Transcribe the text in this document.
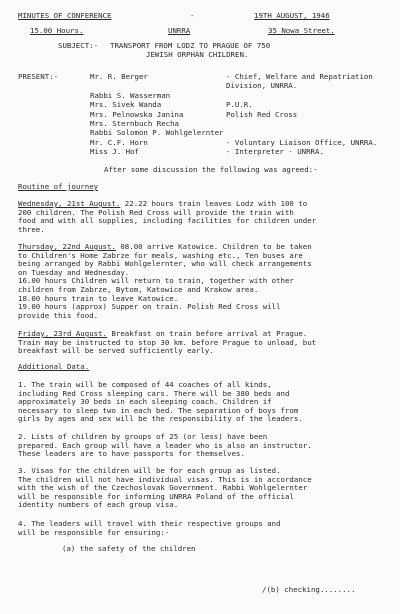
MINUTES OF CONFERENCE	-	19TH AUGUST, 1946
15.00 Hours.	UNRRA	35 Nowa Street.
SUBJECT:- TRANSPORT FROM LODZ TO PRAGUE OF 750
JEWISH ORPHAN CHILDREN.
PRESENT:-	Mr. R. Berger	- Chief, Welfare and Repatriation
Division, UNRRA.
Rabbi S. Wasserman
Mrs. Sivek Wanda	P.U.R.
Mrs. Pelnowska Janina	Polish Red Cross
Mrs. Sternbuch Recha
Rabbi Solomon P. Wohlgelernter
Mr. C.F. Horn	- Voluntary Liaison Office, UNRRA.
Miss J. Hof	- Interpreter - UNRRA.
After some discussion the following was agreed:-
Routine of journey
Wednesday, 21st August. 22.22 hours train leaves Lodz with 100 to
200 children. The Polish Red Cross will provide the train with
food and with all supplies, including facilities for children under
three.
Thursday, 22nd August. 08.00 arrive Katowice. Children to be taken
to Children's Home Zabrze for meals, washing etc., Ten buses are
being arranged by Rabbi Wohlgelernter, who will check arrangements
on Tuesday and Wednesday.
16.00 hours Children will return to train, together with other
children from Zabrze, Bytom, Katowice and Krakow area.
18.00 hours train to leave Katowice.
19.00 hours (approx) Supper on train. Polish Red Cross will
provide this food.
Friday, 23rd August. Breakfast on train before arrival at Prague.
Train may be instructed to stop 30 km. before Prague to unload, but
breakfast will be served sufficiently early.
Additional Data.
1. The train will be composed of 44 coaches of all kinds,
including Red Cross sleeping cars. There will be 380 beds and
approximately 30 beds in each sleeping coach. Children if
necessary to sleep two in each bed. The separation of boys from
girls by ages and sex will be the responsibility of the leaders.
2. Lists of children by groups of 25 (or less) have been
prepared. Each group will have a leader who is also an instructor.
These leaders are to have passports for themselves.
3. Visas for the children will be for each group as listed.
The children will not have individual visas. This is in accordance
with the wish of the Czechoslovak Government. Rabbi Wohlgelernter
will be responsible for informing UNRRA Poland of the official
identity numbers of each group visa.
4. The leaders will travel with their respective groups and
will be responsible for ensuring:-
(a) the safety of the children
/(b) checking........
